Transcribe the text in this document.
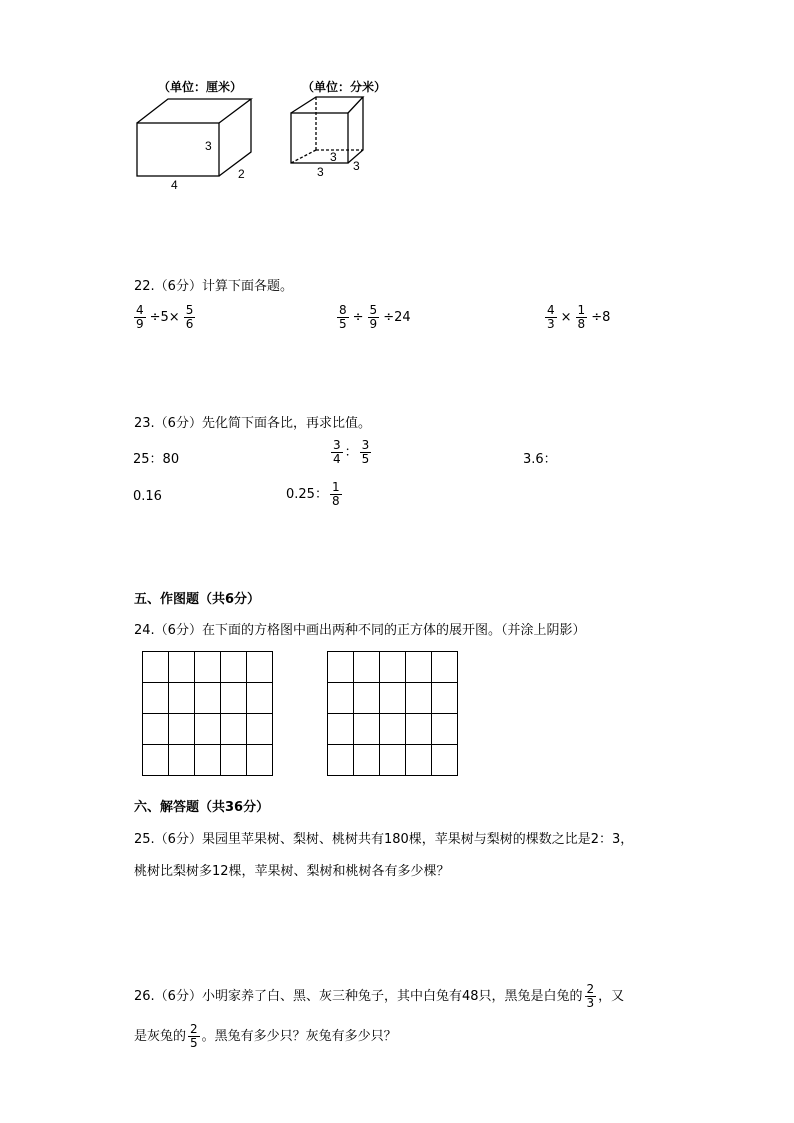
（单位：厘米）
3
2
4
（单位：分米）
3
3
3
22.（6分）计算下面各题。
$\frac{4}{9} \div 5\times \frac{5}{6}$	$\frac{8}{5} \div \frac{5}{9} \div 24$	$\frac{4}{3} \times \frac{1}{8} \div 8$
23.（6分）先化简下面各比，再求比值。
25：80	$\frac{3}{4}$ ： $\frac{3}{5}$	3.6：
0.16	0.25： $\frac{1}{8}$
五、作图题（共6分）
24.（6分）在下面的方格图中画出两种不同的正方体的展开图。（并涂上阴影）

六、解答题（共36分）
25.（6分）果园里苹果树、梨树、桃树共有180棵，苹果树与梨树的棵数之比是2：3，
桃树比梨树多12棵，苹果树、梨树和桃树各有多少棵？
26.（6分）小明家养了白、黑、灰三种兔子，其中白兔有48只，黑兔是白兔的 $\frac{2}{3}$ ，又
是灰兔的 $\frac{2}{5}$ 。黑兔有多少只？灰兔有多少只？
